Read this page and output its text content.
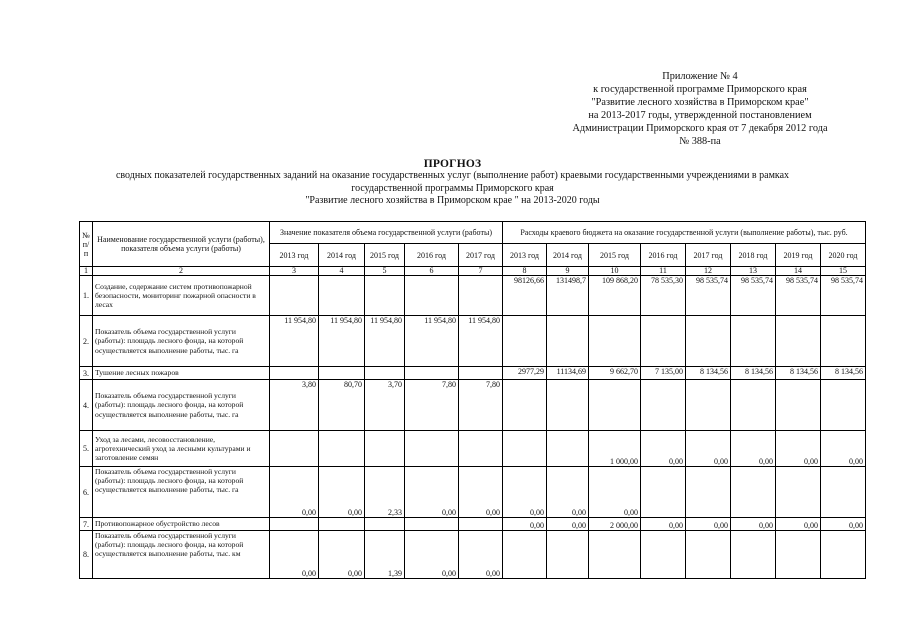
Приложение № 4
к государственной программе Приморского края
"Развитие лесного хозяйства в Приморском крае"
на 2013-2017 годы, утвержденной постановлением
Администрации Приморского края от 7 декабря 2012 года
№ 388-па
ПРОГНОЗ
сводных показателей государственных заданий на оказание государственных услуг (выполнение работ) краевыми государственными учреждениями в рамках
государственной программы Приморского края
"Развитие лесного хозяйства в Приморском крае " на 2013-2020 годы
№ п/п	Наименование государственной услуги (работы), показателя объема услуги (работы)	Значение показателя объема государственной услуги (работы)					Расходы краевого бюджета на оказание государственной услуги (выполнение работы), тыс. руб.							
		2013 год	2014 год	2015 год	2016 год	2017 год	2013 год	2014 год	2015 год	2016 год	2017 год	2018 год	2019 год	2020 год
1	2	3	4	5	6	7	8	9	10	11	12	13	14	15
1.	Создание, содержание систем противопожарной безопасности, мониторинг пожарной опасности в лесах						98126,66	131498,7	109 868,20	78 535,30	98 535,74	98 535,74	98 535,74	98 535,74
2.	Показатель объема государственной услуги (работы): площадь лесного фонда, на которой осуществляется выполнение работы, тыс. га	11 954,80	11 954,80	11 954,80	11 954,80	11 954,80								
3.	Тушение лесных пожаров						2977,29	11134,69	9 662,70	7 135,00	8 134,56	8 134,56	8 134,56	8 134,56
4.	Показатель объема государственной услуги (работы): площадь лесного фонда, на которой осуществляется выполнение работы, тыс. га	3,80	80,70	3,70	7,80	7,80								
5.	Уход за лесами, лесовосстановление, агротехнический уход за лесными культурами и заготовление семян								1 000,00	0,00	0,00	0,00	0,00	0,00
6.	Показатель объема государственной услуги (работы): площадь лесного фонда, на которой осуществляется выполнение работы, тыс. га	0,00	0,00	2,33	0,00	0,00	0,00	0,00	0,00					
7.	Противопожарное обустройство лесов						0,00	0,00	2 000,00	0,00	0,00	0,00	0,00	0,00
8.	Показатель объема государственной услуги (работы): площадь лесного фонда, на которой осуществляется выполнение работы, тыс. км	0,00	0,00	1,39	0,00	0,00								
